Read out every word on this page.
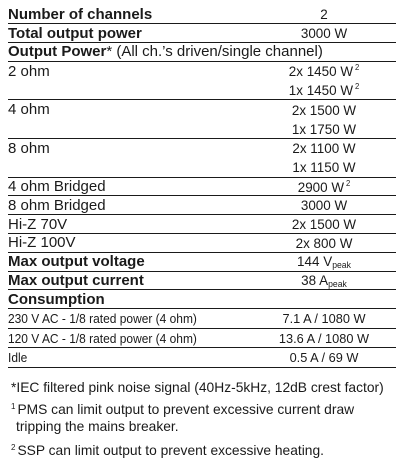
Number of channels	2
Total output power	3000 W
Output Power* (All ch.’s driven/single channel)	
2 ohm	2x 1450 W $^2$
	1x 1450 W $^2$
4 ohm	2x 1500 W
	1x 1750 W
8 ohm	2x 1100 W
	1x 1150 W
4 ohm Bridged	2900 W $^2$
8 ohm Bridged	3000 W
Hi-Z 70V	2x 1500 W
Hi-Z 100V	2x 800 W
Max output voltage	144 $V_{peak}$
Max output current	38 $A_{peak}$
Consumption	
230 V AC - 1/8 rated power (4 ohm)	7.1 A / 1080 W
120 V AC - 1/8 rated power (4 ohm)	13.6 A / 1080 W
Idle	0.5 A / 69 W

*IEC filtered pink noise signal (40Hz-5kHz, 12dB crest factor)

$^1$ PMS can limit output to prevent excessive current draw tripping the mains breaker.

$^2$ SSP can limit output to prevent excessive heating.
